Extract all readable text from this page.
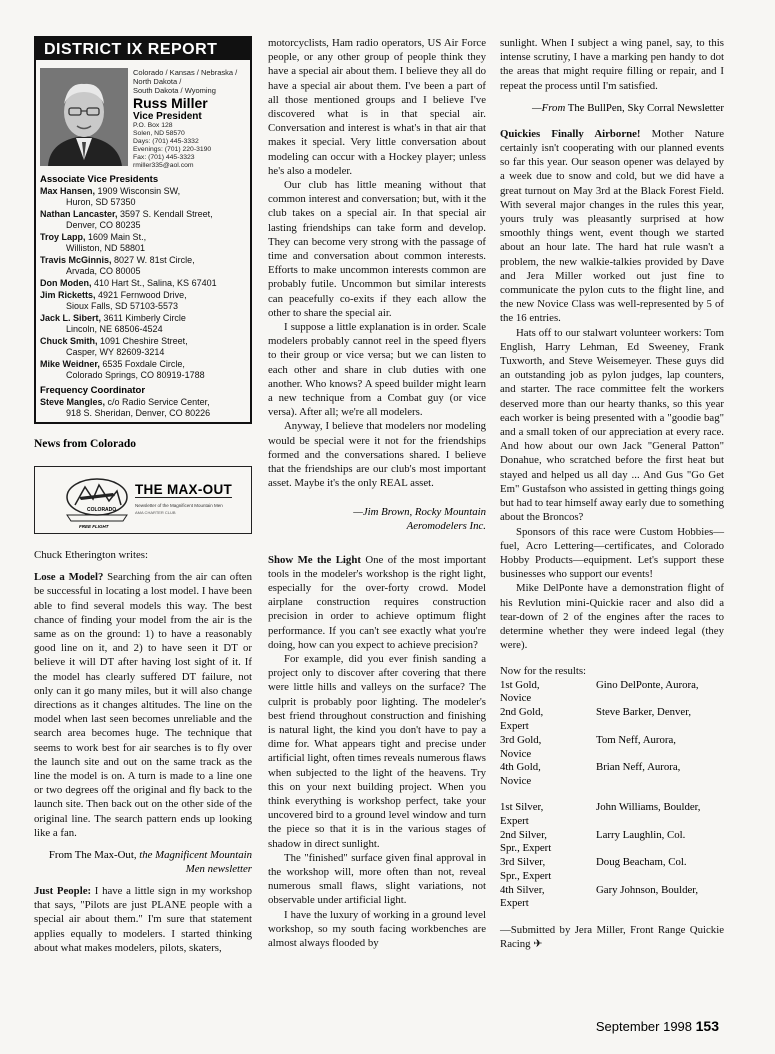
DISTRICT IX REPORT
Colorado / Kansas / Nebraska /
North Dakota /
South Dakota / Wyoming
Russ Miller
Vice President
P.O. Box 128
Solen, ND 58570
Days: (701) 445-3332
Evenings: (701) 220-3190
Fax: (701) 445-3323
rmiller335@aol.com
Associate Vice Presidents
Max Hansen, 1909 Wisconsin SW,
Huron, SD 57350
Nathan Lancaster, 3597 S. Kendall Street,
Denver, CO 80235
Troy Lapp, 1609 Main St.,
Williston, ND 58801
Travis McGinnis, 8027 W. 81st Circle,
Arvada, CO 80005
Don Moden, 410 Hart St., Salina, KS 67401
Jim Ricketts, 4921 Fernwood Drive,
Sioux Falls, SD 57103-5573
Jack L. Sibert, 3611 Kimberly Circle
Lincoln, NE 68506-4524
Chuck Smith, 1091 Cheshire Street,
Casper, WY 82609-3214
Mike Weidner, 6535 Foxdale Circle,
Colorado Springs, CO 80919-1788
Frequency Coordinator
Steve Mangles, c/o Radio Service Center,
918 S. Sheridan, Denver, CO 80226
News from Colorado
COLORADO
FREE FLIGHT
THE MAX-OUT
Newsletter of the Magnificent Mountain Men
AMA CHARTER CLUB

Chuck Etherington writes:

Lose a Model? Searching from the air can often be successful in locating a lost model. I have been able to find several models this way. The best chance of finding your model from the air is the same as on the ground: 1) to have a reasonably good line on it, and 2) to have seen it DT or believe it will DT after having lost sight of it. If the model has clearly suffered DT failure, not only can it go many miles, but it will also change directions as it changes altitudes. The line on the model when last seen becomes unreliable and the search area becomes huge. The technique that seems to work best for air searches is to fly over the launch site and out on the same track as the line the model is on. A turn is made to a line one or two degrees off the original and fly back to the launch site. Then back out on the other side of the original line. The search pattern ends up looking like a fan.

From The Max-Out, the Magnificent Mountain Men newsletter

Just People: I have a little sign in my workshop that says, "Pilots are just PLANE people with a special air about them." I'm sure that statement applies equally to modelers. I started thinking about what makes modelers, pilots, skaters,

motorcyclists, Ham radio operators, US Air Force people, or any other group of people think they have a special air about them. I believe they all do have a special air about them. I've been a part of all those mentioned groups and I believe I've discovered what is in that special air. Conversation and interest is what's in that air that makes it special. Very little conversation about modeling can occur with a Hockey player; unless he's also a modeler.

Our club has little meaning without that common interest and conversation; but, with it the club takes on a special air. In that special air lasting friendships can take form and develop. They can become very strong with the passage of time and conversation about common interests. Efforts to make uncommon interests common are probably futile. Uncommon but similar interests can peacefully co-exits if they each allow the other to share the special air.

I suppose a little explanation is in order. Scale modelers probably cannot reel in the speed flyers to their group or vice versa; but we can listen to each other and share in club duties with one another. Who knows? A speed builder might learn a new technique from a Combat guy (or vice versa). After all; we're all modelers.

Anyway, I believe that modelers nor modeling would be special were it not for the friendships formed and the conversations shared. I believe that the friendships are our club's most important asset. Maybe it's the only REAL asset.

—Jim Brown, Rocky Mountain Aeromodelers Inc.

Show Me the Light One of the most important tools in the modeler's workshop is the right light, especially for the over-forty crowd. Model airplane construction requires construction precision in order to achieve optimum flight performance. If you can't see exactly what you're doing, how can you expect to achieve precision?

For example, did you ever finish sanding a project only to discover after covering that there were little hills and valleys on the surface? The culprit is probably poor lighting. The modeler's best friend throughout construction and finishing is natural light, the kind you don't have to pay a dime for. What appears tight and precise under artificial light, often times reveals numerous flaws when subjected to the light of the heavens. Try this on your next building project. When you think everything is workshop perfect, take your uncovered bird to a ground level window and turn the piece so that it is in the various stages of shadow in direct sunlight.

The "finished" surface given final approval in the workshop will, more often than not, reveal numerous small flaws, slight variations, not observable under artificial light.

I have the luxury of working in a ground level workshop, so my south facing workbenches are almost always flooded by

sunlight. When I subject a wing panel, say, to this intense scrutiny, I have a marking pen handy to dot the areas that might require filling or repair, and I repeat the process until I'm satisfied.

—From The BullPen, Sky Corral Newsletter

Quickies Finally Airborne! Mother Nature certainly isn't cooperating with our planned events so far this year. Our season opener was delayed by a week due to snow and cold, but we did have a great turnout on May 3rd at the Black Forest Field. With several major changes in the rules this year, yours truly was pleasantly surprised at how smoothly things went, event though we started about an hour late. The hard hat rule wasn't a problem, the new walkie-talkies provided by Dave and Jera Miller worked out just fine to communicate the pylon cuts to the flight line, and the new Novice Class was well-represented by 5 of the 16 entries.

Hats off to our stalwart volunteer workers: Tom English, Harry Lehman, Ed Sweeney, Frank Tuxworth, and Steve Weisemeyer. These guys did an outstanding job as pylon judges, lap counters, and starter. The race committee felt the workers deserved more than our hearty thanks, so this year each worker is being presented with a "goodie bag" and a small token of our appreciation at every race. And how about our own Jack "General Patton" Donahue, who scratched before the first heat but stayed and helped us all day ... And Gus "Go Get Em" Gustafson who assisted in getting things going but had to tear himself away early due to something about the Broncos?

Sponsors of this race were Custom Hobbies—fuel, Acro Lettering—certificates, and Colorado Hobby Products—equipment. Let's support these businesses who support our events!

Mike DelPonte have a demonstration flight of his Revlution mini-Quickie racer and also did a tear-down of 2 of the engines after the races to determine whether they were indeed legal (they were).

Now for the results:

1st Gold,	Gino DelPonte, Aurora,
Novice	
2nd Gold,	Steve Barker, Denver,
Expert	
3rd Gold,	Tom Neff, Aurora,
Novice	
4th Gold,	Brian Neff, Aurora,
Novice	
1st Silver,	John Williams, Boulder,
Expert	
2nd Silver,	Larry Laughlin, Col.
Spr., Expert	
3rd Silver,	Doug Beacham, Col.
Spr., Expert	
4th Silver,	Gary Johnson, Boulder,
Expert	

—Submitted by Jera Miller, Front Range Quickie Racing ✈

September 1998 153
